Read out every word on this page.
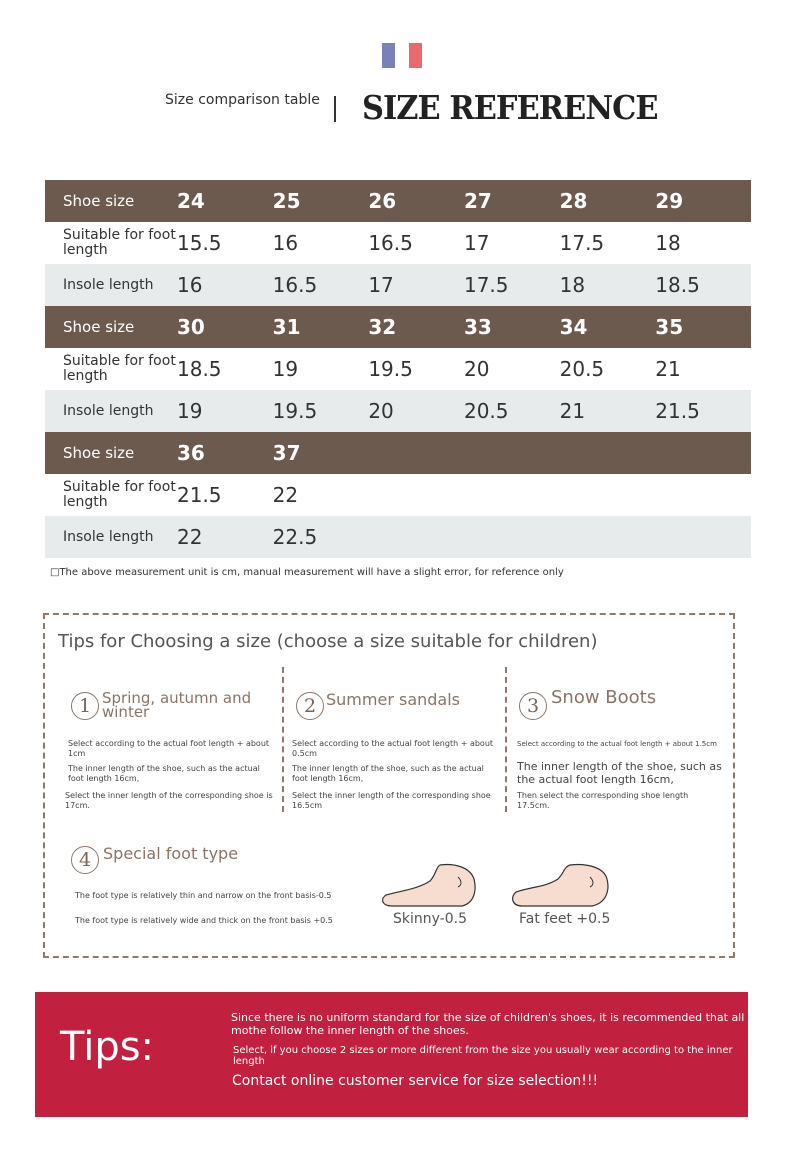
Size comparison table SIZE REFERENCE
Shoe size	24	25	26	27	28	29
Suitable for foot length	15.5	16	16.5	17	17.5	18
Insole length	16	16.5	17	17.5	18	18.5
Shoe size	30	31	32	33	34	35
Suitable for foot length	18.5	19	19.5	20	20.5	21
Insole length	19	19.5	20	20.5	21	21.5
Shoe size	36	37				
Suitable for foot length	21.5	22				
Insole length	22	22.5				
□The above measurement unit is cm, manual measurement will have a slight error, for reference only
Tips for Choosing a size (choose a size suitable for children)
1 Spring, autumn and winter
Select according to the actual foot length + about 1cm
The inner length of the shoe, such as the actual foot length 16cm,
Select the inner length of the corresponding shoe is 17cm.
2 Summer sandals
Select according to the actual foot length + about 0.5cm
The inner length of the shoe, such as the actual foot length 16cm,
Select the inner length of the corresponding shoe 16.5cm
3 Snow Boots
Select according to the actual foot length + about 1.5cm
The inner length of the shoe, such as the actual foot length 16cm,
Then select the corresponding shoe length 17.5cm.
4 Special foot type
The foot type is relatively thin and narrow on the front basis-0.5
The foot type is relatively wide and thick on the front basis +0.5	Skinny-0.5	Fat feet +0.5
Tips:
Since there is no uniform standard for the size of children's shoes, it is recommended that all mothe follow the inner length of the shoes.
Select, if you choose 2 sizes or more different from the size you usually wear according to the inner length
Contact online customer service for size selection!!!
